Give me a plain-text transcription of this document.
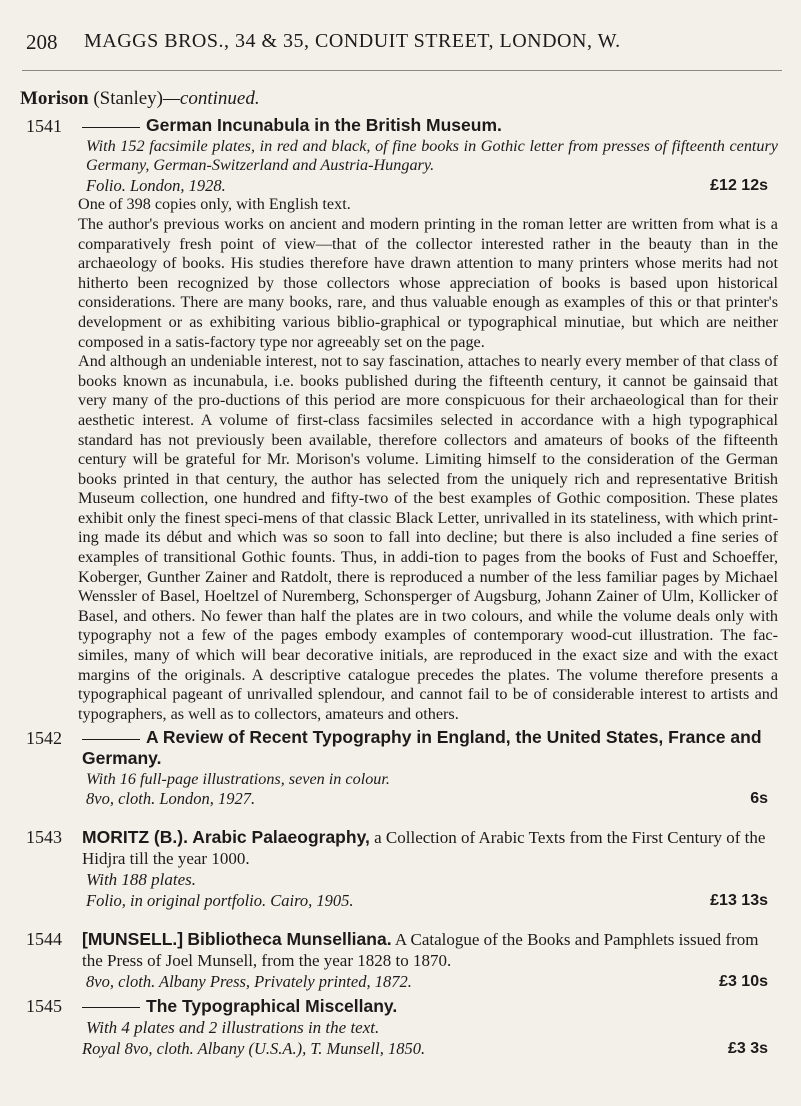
208 MAGGS BROS., 34 & 35, CONDUIT STREET, LONDON, W.
Morison (Stanley)—continued.
1541	German Incunabula in the British Museum.
With 152 facsimile plates, in red and black, of fine books in Gothic letter from presses of fifteenth century Germany, German-Switzerland and Austria-Hungary.
Folio. London, 1928.	£12 12s
One of 398 copies only, with English text.
The author's previous works on ancient and modern printing in the roman letter are written from what is a comparatively fresh point of view—that of the collector interested rather in the beauty than in the archaeology of books. His studies therefore have drawn attention to many printers whose merits had not hitherto been recognized by those collectors whose appreciation of books is based upon historical considerations. There are many books, rare, and thus valuable enough as examples of this or that printer's development or as exhibiting various biblio-graphical or typographical minutiae, but which are neither composed in a satis-factory type nor agreeably set on the page.
And although an undeniable interest, not to say fascination, attaches to nearly every member of that class of books known as incunabula, i.e. books published during the fifteenth century, it cannot be gainsaid that very many of the pro-ductions of this period are more conspicuous for their archaeological than for their aesthetic interest. A volume of first-class facsimiles selected in accordance with a high typographical standard has not previously been available, therefore collectors and amateurs of books of the fifteenth century will be grateful for Mr. Morison's volume. Limiting himself to the consideration of the German books printed in that century, the author has selected from the uniquely rich and representative British Museum collection, one hundred and fifty-two of the best examples of Gothic composition. These plates exhibit only the finest speci-mens of that classic Black Letter, unrivalled in its stateliness, with which print-ing made its début and which was so soon to fall into decline; but there is also included a fine series of examples of transitional Gothic founts. Thus, in addi-tion to pages from the books of Fust and Schoeffer, Koberger, Gunther Zainer and Ratdolt, there is reproduced a number of the less familiar pages by Michael Wenssler of Basel, Hoeltzel of Nuremberg, Schonsperger of Augsburg, Johann Zainer of Ulm, Kollicker of Basel, and others. No fewer than half the plates are in two colours, and while the volume deals only with typography not a few of the pages embody examples of contemporary wood-cut illustration. The fac-similes, many of which will bear decorative initials, are reproduced in the exact size and with the exact margins of the originals. A descriptive catalogue precedes the plates. The volume therefore presents a typographical pageant of unrivalled splendour, and cannot fail to be of considerable interest to artists and typographers, as well as to collectors, amateurs and others.
1542	A Review of Recent Typography in England, the United States, France and Germany.
With 16 full-page illustrations, seven in colour.
8vo, cloth. London, 1927.	6s
1543	MORITZ (B.). Arabic Palaeography, a Collection of Arabic Texts from the First Century of the Hidjra till the year 1000.
With 188 plates.
Folio, in original portfolio. Cairo, 1905.	£13 13s
1544	[MUNSELL.] Bibliotheca Munselliana. A Catalogue of the Books and Pamphlets issued from the Press of Joel Munsell, from the year 1828 to 1870.
8vo, cloth. Albany Press, Privately printed, 1872.	£3 10s
1545	The Typographical Miscellany.
With 4 plates and 2 illustrations in the text.
Royal 8vo, cloth. Albany (U.S.A.), T. Munsell, 1850.	£3 3s
